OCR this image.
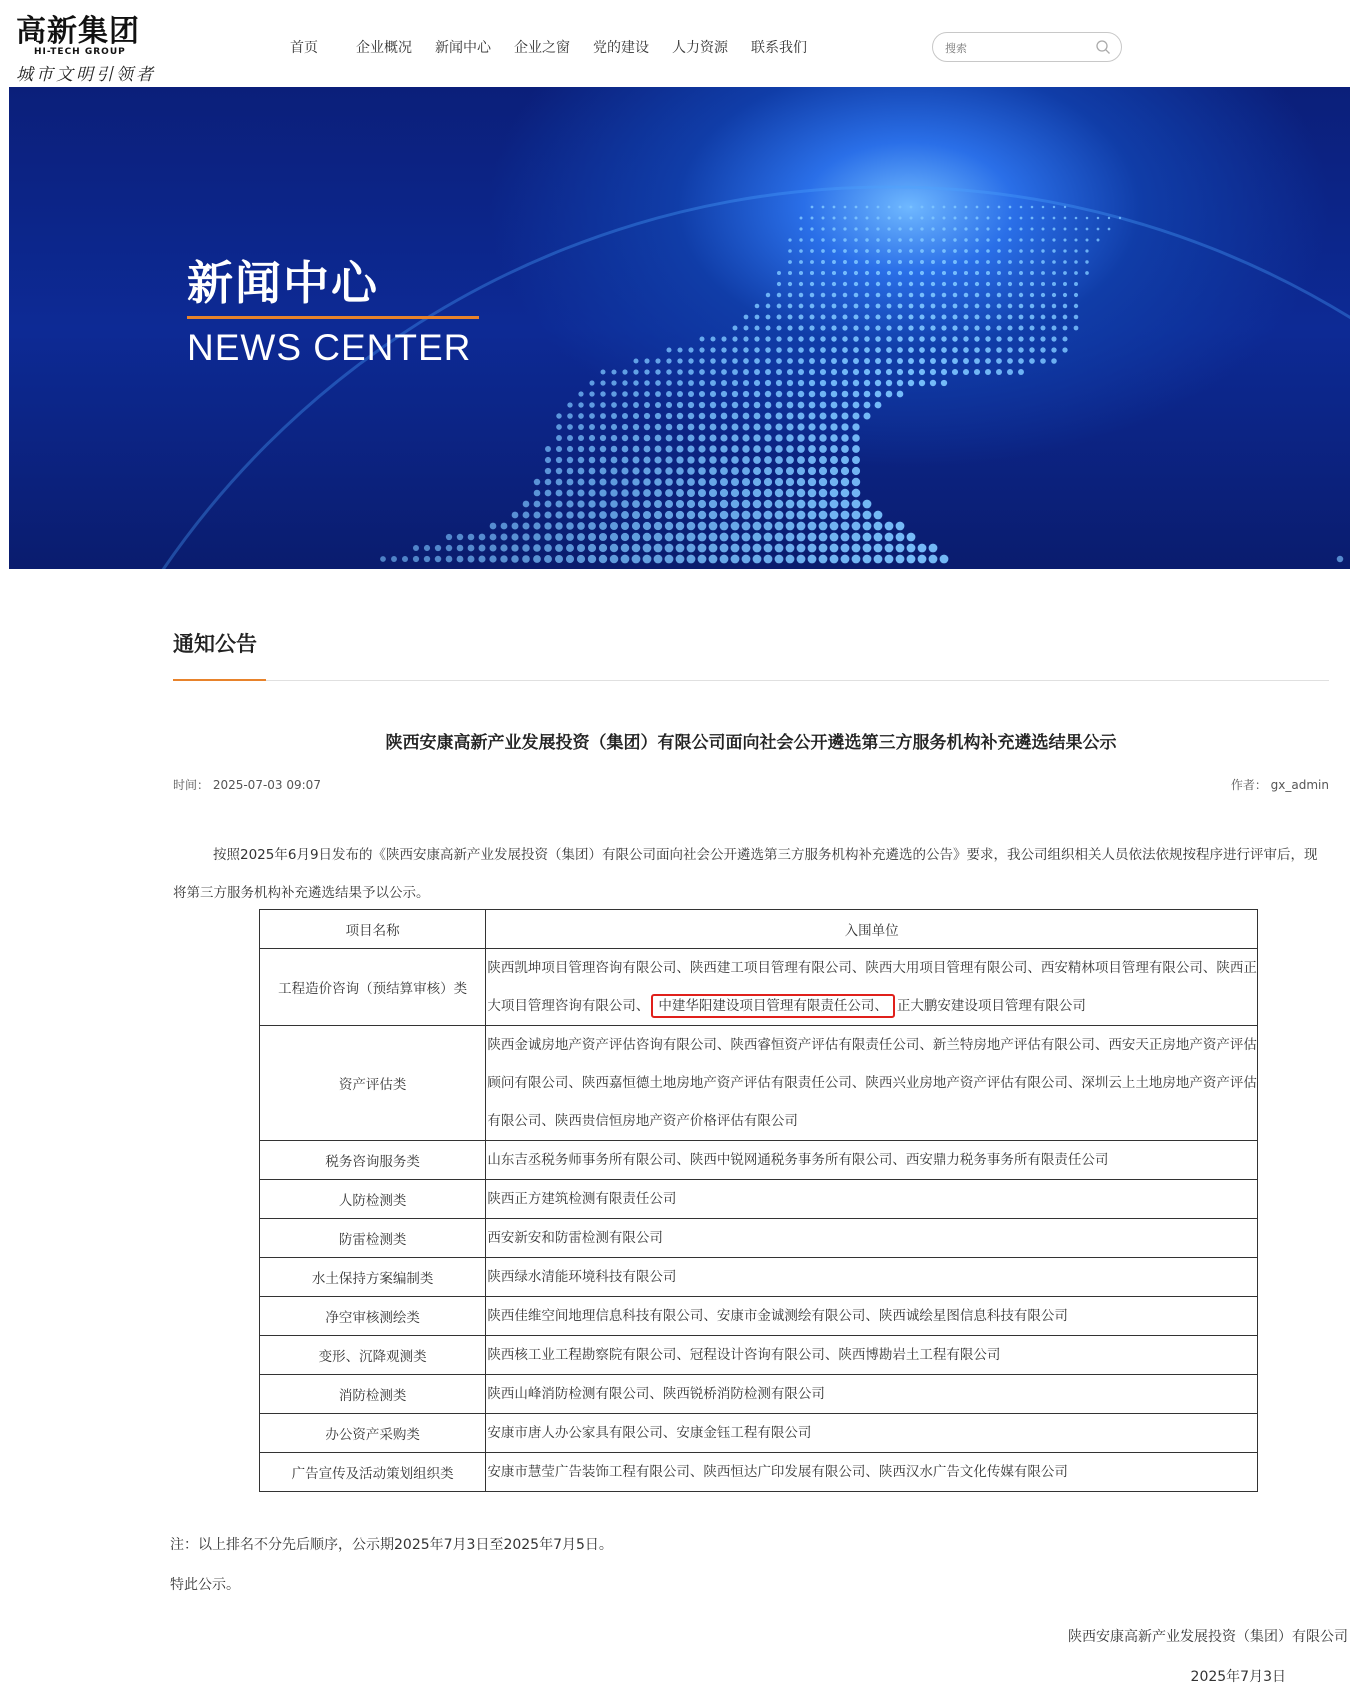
高新集团
HI-TECH GROUP
城市文明引领者
首页	企业概况 新闻中心 企业之窗 党的建设 人力资源 联系我们
搜索
新闻中心
NEWS CENTER
通知公告
陕西安康高新产业发展投资（集团）有限公司面向社会公开遴选第三方服务机构补充遴选结果公示
时间： 2025-07-03 09:07	作者： gx_admin
按照2025年6月9日发布的《陕西安康高新产业发展投资（集团）有限公司面向社会公开遴选第三方服务机构补充遴选的公告》要求，我公司组织相关人员依法依规按程序进行评审后，现将第三方服务机构补充遴选结果予以公示。
项目名称	入围单位
工程造价咨询（预结算审核）类	陕西凯坤项目管理咨询有限公司、陕西建工项目管理有限公司、陕西大用项目管理有限公司、西安精林项目管理有限公司、陕西正大项目管理咨询有限公司、 中建华阳建设项目管理有限责任公司、 正大鹏安建设项目管理有限公司
资产评估类	陕西金诚房地产资产评估咨询有限公司、陕西睿恒资产评估有限责任公司、新兰特房地产评估有限公司、西安天正房地产资产评估顾问有限公司、陕西嘉恒德土地房地产资产评估有限责任公司、陕西兴业房地产资产评估有限公司、深圳云上土地房地产资产评估有限公司、陕西贵信恒房地产资产价格评估有限公司
税务咨询服务类	山东吉丞税务师事务所有限公司、陕西中锐网通税务事务所有限公司、西安鼎力税务事务所有限责任公司
人防检测类	陕西正方建筑检测有限责任公司
防雷检测类	西安新安和防雷检测有限公司
水土保持方案编制类	陕西绿水清能环境科技有限公司
净空审核测绘类	陕西佳维空间地理信息科技有限公司、安康市金诚测绘有限公司、陕西诚绘星图信息科技有限公司
变形、沉降观测类	陕西核工业工程勘察院有限公司、冠程设计咨询有限公司、陕西博勘岩土工程有限公司
消防检测类	陕西山峰消防检测有限公司、陕西锐桥消防检测有限公司
办公资产采购类	安康市唐人办公家具有限公司、安康金钰工程有限公司
广告宣传及活动策划组织类	安康市慧莹广告装饰工程有限公司、陕西恒达广印发展有限公司、陕西汉水广告文化传媒有限公司
注：以上排名不分先后顺序，公示期2025年7月3日至2025年7月5日。
特此公示。
陕西安康高新产业发展投资（集团）有限公司
2025年7月3日
